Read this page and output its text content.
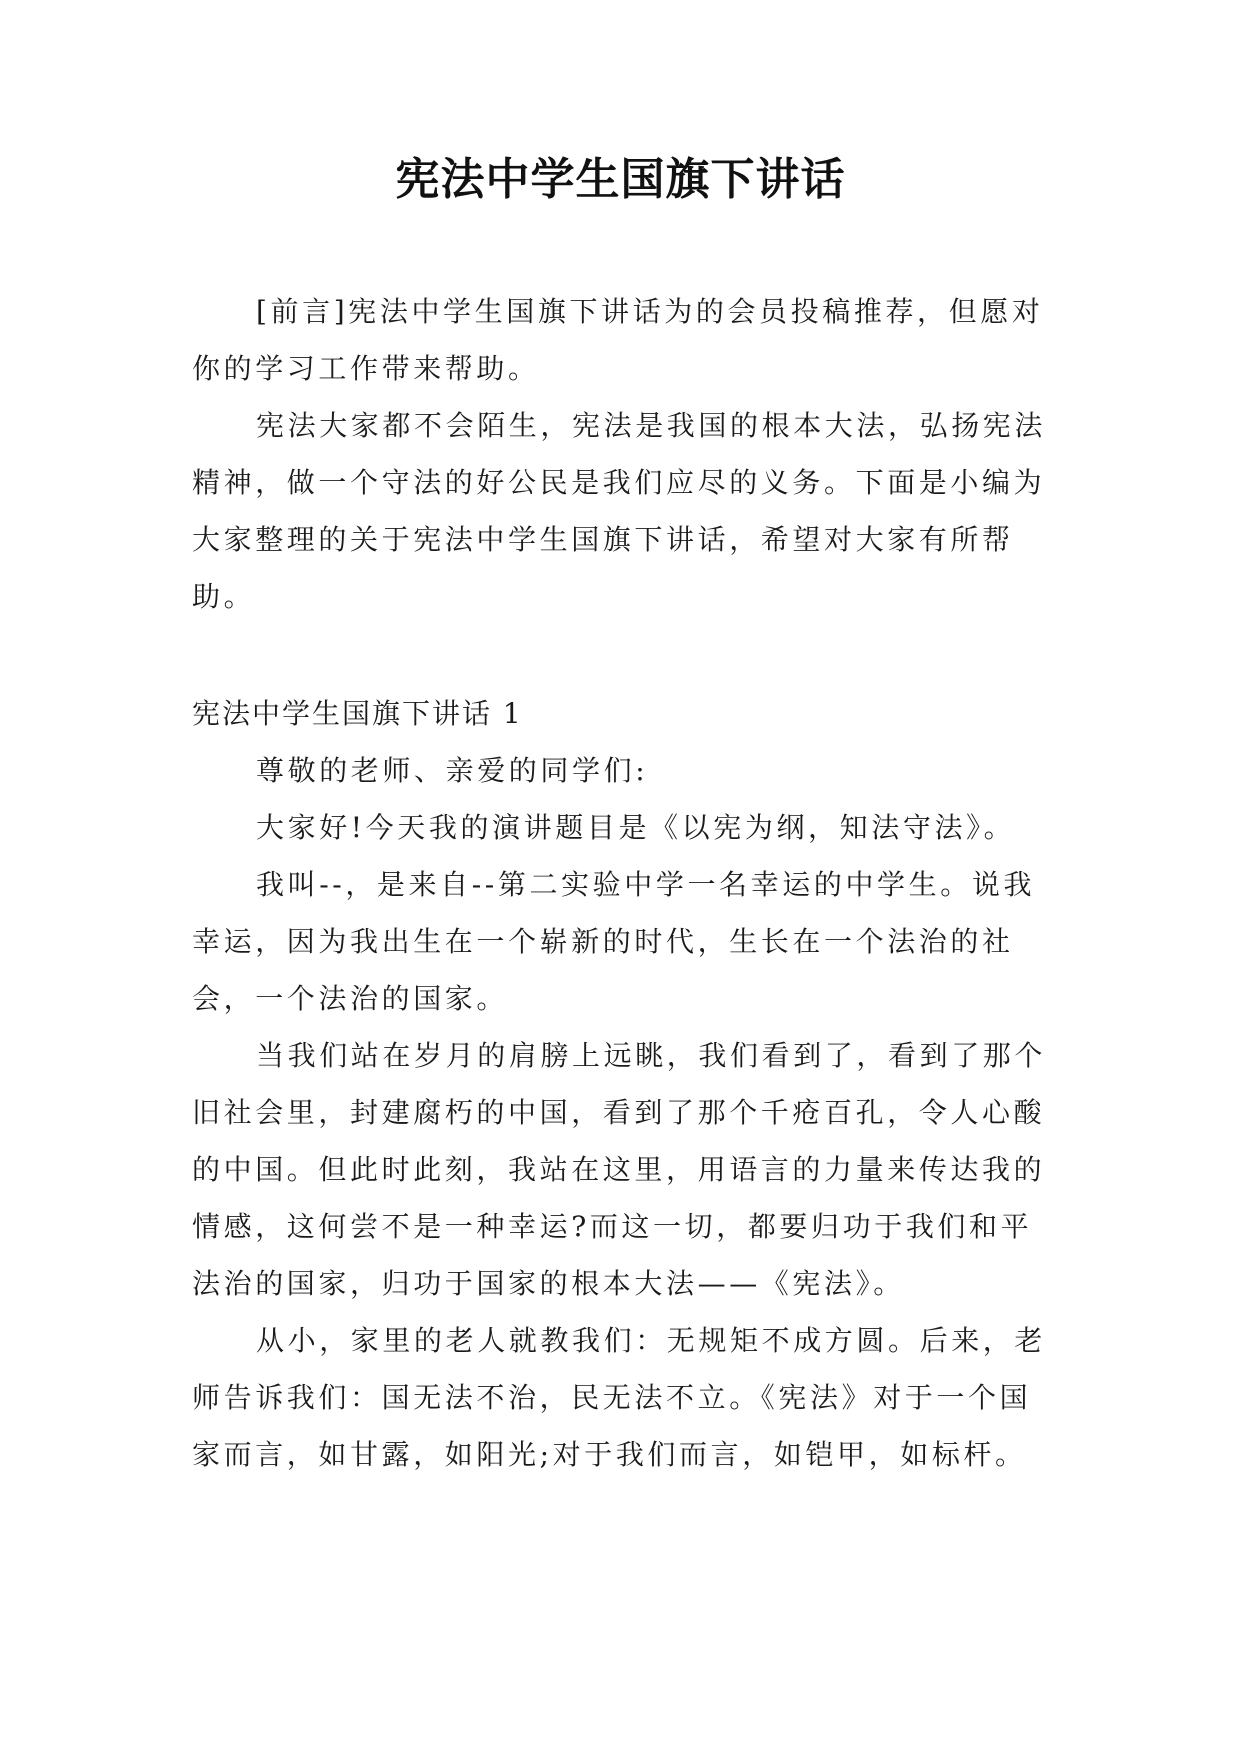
宪法中学生国旗下讲话

[前言]宪法中学生国旗下讲话为的会员投稿推荐，但愿对你的学习工作带来帮助。

宪法大家都不会陌生，宪法是我国的根本大法，弘扬宪法精神，做一个守法的好公民是我们应尽的义务。下面是小编为大家整理的关于宪法中学生国旗下讲话，希望对大家有所帮助。

宪法中学生国旗下讲话 1

尊敬的老师、亲爱的同学们:

大家好!今天我的演讲题目是《以宪为纲，知法守法》。

我叫--，是来自--第二实验中学一名幸运的中学生。说我幸运，因为我出生在一个崭新的时代，生长在一个法治的社会，一个法治的国家。

当我们站在岁月的肩膀上远眺，我们看到了，看到了那个旧社会里，封建腐朽的中国，看到了那个千疮百孔，令人心酸的中国。但此时此刻，我站在这里，用语言的力量来传达我的情感，这何尝不是一种幸运?而这一切，都要归功于我们和平法治的国家，归功于国家的根本大法——《宪法》。

从小，家里的老人就教我们：无规矩不成方圆。后来，老师告诉我们：国无法不治，民无法不立。《宪法》对于一个国家而言，如甘露，如阳光;对于我们而言，如铠甲，如标杆。
